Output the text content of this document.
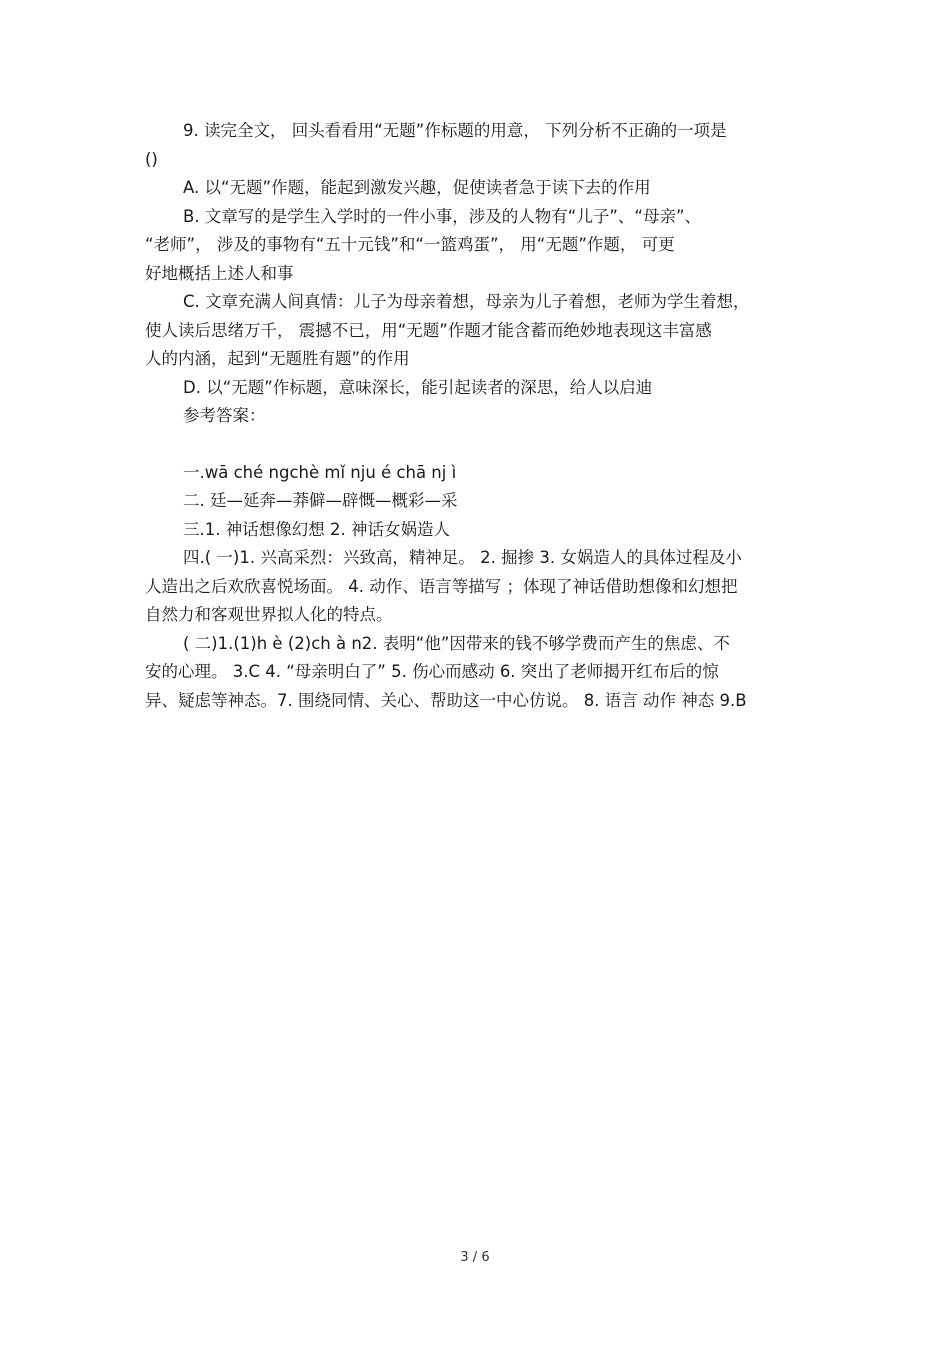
9. 读完全文， 回头看看用“无题”作标题的用意， 下列分析不正确的一项是
()
A. 以“无题”作题，能起到激发兴趣，促使读者急于读下去的作用
B. 文章写的是学生入学时的一件小事，涉及的人物有“儿子”、“母亲”、
“老师”， 涉及的事物有“五十元钱”和“一篮鸡蛋”， 用“无题”作题， 可更
好地概括上述人和事
C. 文章充满人间真情：儿子为母亲着想，母亲为儿子着想，老师为学生着想，
使人读后思绪万千， 震撼不已，用“无题”作题才能含蓄而绝妙地表现这丰富感
人的内涵，起到“无题胜有题”的作用
D. 以“无题”作标题，意味深长，能引起读者的深思，给人以启迪
参考答案：
一.wā ché ngchè mǐ nju é chā nj ì
二. 廷—延奔—莽僻—辟慨—概彩—采
三.1. 神话想像幻想 2. 神话女娲造人
四.( 一)1. 兴高采烈：兴致高，精神足。 2. 掘掺 3. 女娲造人的具体过程及小
人造出之后欢欣喜悦场面。 4. 动作、语言等描写 ；体现了神话借助想像和幻想把
自然力和客观世界拟人化的特点。
( 二)1.(1)h è (2)ch à n2. 表明“他”因带来的钱不够学费而产生的焦虑、不
安的心理。 3.C 4. “母亲明白了” 5. 伤心而感动 6. 突出了老师揭开红布后的惊
异、疑虑等神态。7. 围绕同情、关心、帮助这一中心仿说。 8. 语言 动作 神态 9.B
3 / 6
